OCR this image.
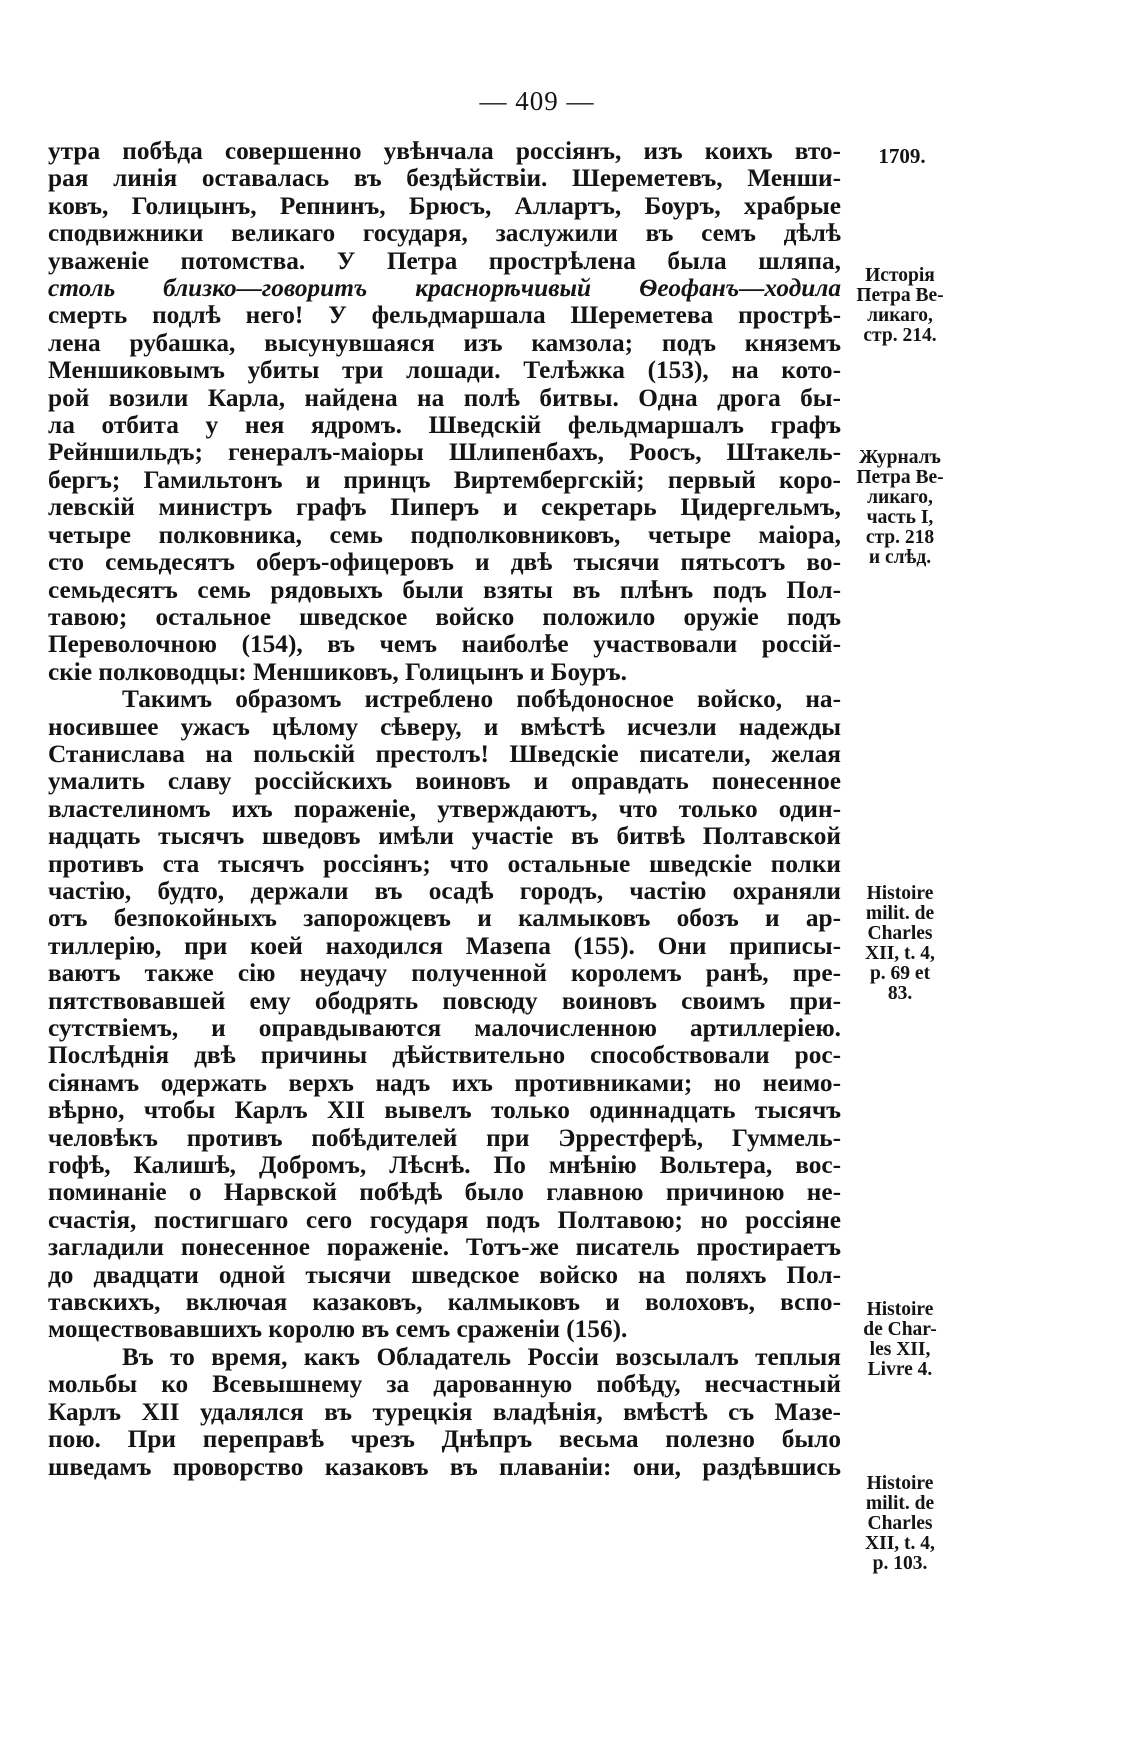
— 409 —

утра побѣда совершенно увѣнчала россіянъ, изъ коихъ вто-
рая линія оставалась въ бездѣйствіи. Шереметевъ, Менши-
ковъ, Голицынъ, Репнинъ, Брюсъ, Аллартъ, Боуръ, храбрые
сподвижники великаго государя, заслужили въ семъ дѣлѣ
уваженіе потомства. У Петра прострѣлена была шляпа,
столь близко—говоритъ краснорѣчивый Ѳеофанъ—ходила
смерть подлѣ него! У фельдмаршала Шереметева прострѣ-
лена рубашка, высунувшаяся изъ камзола; подъ княземъ
Меншиковымъ убиты три лошади. Телѣжка (153), на кото-
рой возили Карла, найдена на полѣ битвы. Одна дрога бы-
ла отбита у нея ядромъ. Шведскій фельдмаршалъ графъ
Рейншильдъ; генералъ-маіоры Шлипенбахъ, Роосъ, Штакель-
бергъ; Гамильтонъ и принцъ Виртембергскій; первый коро-
левскій министръ графъ Пиперъ и секретарь Цидергельмъ,
четыре полковника, семь подполковниковъ, четыре маіора,
сто семьдесятъ оберъ-офицеровъ и двѣ тысячи пятьсотъ во-
семьдесятъ семь рядовыхъ были взяты въ плѣнъ подъ Пол-
тавою; остальное шведское войско положило оружіе подъ
Переволочною (154), въ чемъ наиболѣе участвовали россій-
скіе полководцы: Меншиковъ, Голицынъ и Боуръ.

Такимъ образомъ истреблено побѣдоносное войско, на-
носившее ужасъ цѣлому сѣверу, и вмѣстѣ исчезли надежды
Станислава на польскій престолъ! Шведскіе писатели, желая
умалить славу россійскихъ воиновъ и оправдать понесенное
властелиномъ ихъ пораженіе, утверждаютъ, что только один-
надцать тысячъ шведовъ имѣли участіе въ битвѣ Полтавской
противъ ста тысячъ россіянъ; что остальные шведскіе полки
частію, будто, держали въ осадѣ городъ, частію охраняли
отъ безпокойныхъ запорожцевъ и калмыковъ обозъ и ар-
тиллерію, при коей находился Мазепа (155). Они приписы-
ваютъ также сію неудачу полученной королемъ ранѣ, пре-
пятствовавшей ему ободрять повсюду воиновъ своимъ при-
сутствіемъ, и оправдываются малочисленною артиллеріею.
Послѣднія двѣ причины дѣйствительно способствовали рос-
сіянамъ одержать верхъ надъ ихъ противниками; но неимо-
вѣрно, чтобы Карлъ XII вывелъ только одиннадцать тысячъ
человѣкъ противъ побѣдителей при Эррестферѣ, Гуммель-
гофѣ, Калишѣ, Добромъ, Лѣснѣ. По мнѣнію Вольтера, вос-
поминаніе о Нарвской побѣдѣ было главною причиною не-
счастія, постигшаго сего государя подъ Полтавою; но россіяне
загладили понесенное пораженіе. Тотъ-же писатель простираетъ
до двадцати одной тысячи шведское войско на поляхъ Пол-
тавскихъ, включая казаковъ, калмыковъ и волоховъ, вспо-
моществовавшихъ королю въ семъ сраженіи (156).

Въ то время, какъ Обладатель Россіи возсылалъ теплыя
мольбы ко Всевышнему за дарованную побѣду, несчастный
Карлъ XII удалялся въ турецкія владѣнія, вмѣстѣ съ Мазе-
пою. При переправѣ чрезъ Днѣпръ весьма полезно было
шведамъ проворство казаковъ въ плаваніи: они, раздѣвшись

1709.
Исторія
Петра Ве-
ликаго,
стр. 214.
Журналъ
Петра Ве-
ликаго,
часть I,
стр. 218
и слѣд.
Histoire
milit. de
Charles
XII, t. 4,
p. 69 et
83.
Histoire
de Char-
les XII,
Livre 4.
Histoire
milit. de
Charles
XII, t. 4,
p. 103.
